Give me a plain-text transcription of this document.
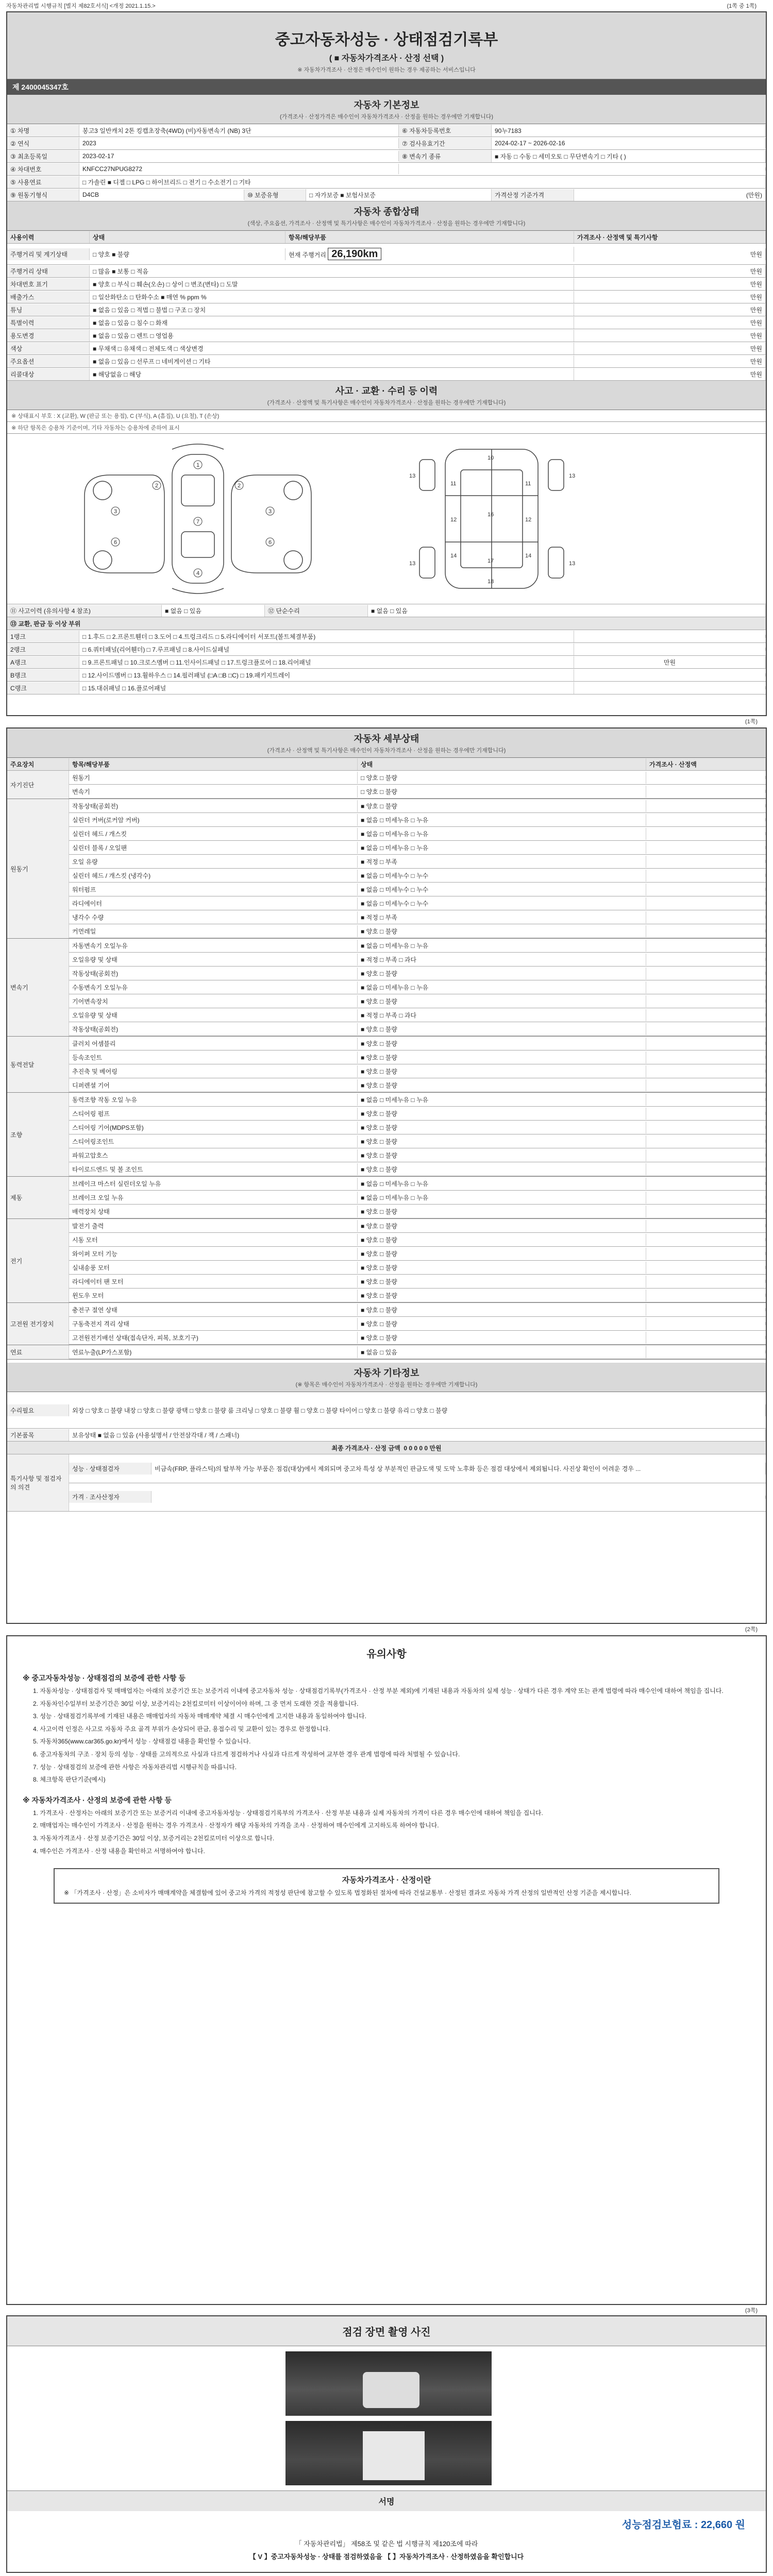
자동차관리법 시행규칙 [별지 제82호서식] <개정 2021.1.15.>	(1쪽 중 1쪽)
중고자동차성능 · 상태점검기록부
( ■ 자동차가격조사 · 산정 선택 )
※ 자동차가격조사 · 산정은 매수인이 원하는 경우 제공하는 서비스입니다
제 2400045347호
자동차 기본정보
(가격조사 · 산정가격은 매수인이 자동차가격조사 · 산정을 원하는 경우에만 기재합니다)
① 차명	봉고3 일반캐치 2톤 킹캡초장축(4WD) (비)자동변속기 (NB) 3단	⑥ 자동차등록번호	90누7183
② 연식	2023	⑦ 검사유효기간	2024-02-17 ~ 2026-02-16
③ 최초등록일	2023-02-17	⑧ 변속기 종류	■ 자동 □ 수동 □ 세미오토 □ 무단변속기 □ 기타 ( )
④ 차대번호	KNFCC27NPUG8272
⑤ 사용연료	□ 가솔린 ■ 디젤 □ LPG □ 하이브리드 □ 전기 □ 수소전기 □ 기타
⑨ 원동기형식	D4CB	⑩ 보증유형	□ 자가보증 ■ 보험사보증	가격산정 기준가격	(만원)
자동차 종합상태
(색상, 주요옵션, 가격조사 · 산정액 및 특기사항은 매수인이 자동차가격조사 · 산정을 원하는 경우에만 기재합니다)
사용이력	상태	항목/해당부품	가격조사 · 산정액 및 특기사항
주행거리 및 계기상태	□ 양호 ■ 불량	현재 주행거리 26,190km	만원
주행거리 상태	□ 많음 ■ 보통 □ 적음	만원
차대번호 표기	■ 양호 □ 부식 □ 훼손(오손) □ 상이 □ 변조(변타) □ 도말	만원
배출가스	□ 일산화탄소 □ 탄화수소 ■ 매연 % ppm %	만원
튜닝	■ 없음 □ 있음 □ 적법 □ 불법 □ 구조 □ 장치	만원
특별이력	■ 없음 □ 있음 □ 침수 □ 화재	만원
용도변경	■ 없음 □ 있음 □ 렌트 □ 영업용	만원
색상	■ 무채색 □ 유채색 □ 전체도색 □ 색상변경	만원
주요옵션	■ 없음 □ 있음 □ 선루프 □ 네비게이션 □ 기타	만원
리콜대상	■ 해당없음 □ 해당	만원
사고 · 교환 · 수리 등 이력
(가격조사 · 산정액 및 특기사항은 매수인이 자동차가격조사 · 산정을 원하는 경우에만 기재합니다)
※ 상태표시 부호 : X (교환), W (판금 또는 용접), C (부식), A (흠집), U (요철), T (손상)
※ 하단 항목은 승용차 기준이며, 기타 자동차는 승용차에 준하여 표시
1
3	3
7
6	6
4
2	2
10
11	11
16
17
18
12	12
13	13
14	14
13	13
⑪ 사고이력 (유의사항 4 참조)	■ 없음 □ 있음	⑫ 단순수리	■ 없음 □ 있음
⑬ 교환, 판금 등 이상 부위
1랭크	□ 1.후드 □ 2.프론트휀더 □ 3.도어 □ 4.트렁크리드 □ 5.라디에이터 서포트(볼트체결부품)
2랭크	□ 6.쿼터패널(리어휀더) □ 7.루프패널 □ 8.사이드실패널
A랭크	□ 9.프론트패널 □ 10.크로스멤버 □ 11.인사이드패널 □ 17.트렁크플로어 □ 18.리어패널	만원
B랭크	□ 12.사이드멤버 □ 13.휠하우스 □ 14.필러패널 (□A □B □C) □ 19.패키지트레이
C랭크	□ 15.대쉬패널 □ 16.플로어패널
(1쪽)
자동차 세부상태
(가격조사 · 산정액 및 특기사항은 매수인이 자동차가격조사 · 산정을 원하는 경우에만 기재합니다)
주요장치	항목/해당부품	상태	가격조사 · 산정액
자기진단
원동기	□ 양호 □ 불량
변속기	□ 양호 □ 불량
원동기
작동상태(공회전)	■ 양호 □ 불량
실린더 커버(로커암 커버)	■ 없음 □ 미세누유 □ 누유
실린더 헤드 / 개스킷	■ 없음 □ 미세누유 □ 누유
실린더 블록 / 오일팬	■ 없음 □ 미세누유 □ 누유
오일 유량	■ 적정 □ 부족
실린더 헤드 / 개스킷 (냉각수)	■ 없음 □ 미세누수 □ 누수
워터펌프	■ 없음 □ 미세누수 □ 누수
라디에이터	■ 없음 □ 미세누수 □ 누수
냉각수 수량	■ 적정 □ 부족
커먼레일	■ 양호 □ 불량
변속기
자동변속기 오일누유	■ 없음 □ 미세누유 □ 누유
오일유량 및 상태	■ 적정 □ 부족 □ 과다
작동상태(공회전)	■ 양호 □ 불량
수동변속기 오일누유	■ 없음 □ 미세누유 □ 누유
기어변속장치	■ 양호 □ 불량
오일유량 및 상태	■ 적정 □ 부족 □ 과다
작동상태(공회전)	■ 양호 □ 불량
동력전달
클러치 어셈블리	■ 양호 □ 불량
등속조인트	■ 양호 □ 불량
추진축 및 베어링	■ 양호 □ 불량
디퍼렌셜 기어	■ 양호 □ 불량
조향
동력조향 작동 오일 누유	■ 없음 □ 미세누유 □ 누유
스티어링 펌프	■ 양호 □ 불량
스티어링 기어(MDPS포함)	■ 양호 □ 불량
스티어링조인트	■ 양호 □ 불량
파워고압호스	■ 양호 □ 불량
타이로드엔드 및 볼 조인트	■ 양호 □ 불량
제동
브레이크 마스터 실린더오일 누유	■ 없음 □ 미세누유 □ 누유
브레이크 오일 누유	■ 없음 □ 미세누유 □ 누유
배력장치 상태	■ 양호 □ 불량
전기
발전기 출력	■ 양호 □ 불량
시동 모터	■ 양호 □ 불량
와이퍼 모터 기능	■ 양호 □ 불량
실내송풍 모터	■ 양호 □ 불량
라디에이터 팬 모터	■ 양호 □ 불량
윈도우 모터	■ 양호 □ 불량
고전원 전기장치
충전구 절연 상태	■ 양호 □ 불량
구동축전지 격리 상태	■ 양호 □ 불량
고전원전기배선 상태(접속단자, 피복, 보호기구)	■ 양호 □ 불량
연료	연료누출(LP가스포함)	■ 없음 □ 있음
자동차 기타정보
(※ 항목은 매수인이 자동차가격조사 · 산정을 원하는 경우에만 기재합니다)
수리필요	외장 □ 양호 □ 불량 내장 □ 양호 □ 불량 광택 □ 양호 □ 불량 룸 크리닝 □ 양호 □ 불량 휠 □ 양호 □ 불량 타이어 □ 양호 □ 불량 유리 □ 양호 □ 불량
기본품목	보유상태 ■ 없음 □ 있음 (사용설명서 / 안전삼각대 / 잭 / 스패너)
최종 가격조사 · 산정 금액
0 0 0 0 0 만원
특기사항 및 점검자의 의견
성능 · 상태점검자	비금속(FRP, 플라스틱)의 탈부착 가능 부품은 점검(대상)에서 제외되며 중고차 특성 상 부분적인 판금도색 및 도막 노후화 등은 점검 대상에서 제외됩니다. 사진상 확인이 어려운 경우 ...
가격 · 조사산정자
(2쪽)
유의사항
※ 중고자동차성능 · 상태점검의 보증에 관한 사항 등
1. 자동차성능 · 상태점검자 및 매매업자는 아래의 보증기간 또는 보증거리 이내에 중고자동차 성능 · 상태점검기록부(가격조사 · 산정 부분 제외)에 기재된 내용과 자동차의 실제 성능 · 상태가 다른 경우 계약 또는 관계 법령에 따라 매수인에 대하여 책임을 집니다.
2. 자동차인수일부터 보증기간은 30일 이상, 보증거리는 2천킬로미터 이상이어야 하며, 그 중 먼저 도래한 것을 적용합니다.
3. 성능 · 상태점검기록부에 기재된 내용은 매매업자의 자동차 매매계약 체결 시 매수인에게 고지한 내용과 동일하여야 합니다.
4. 사고이력 인정은 사고로 자동차 주요 골격 부위가 손상되어 판금, 용접수리 및 교환이 있는 경우로 한정합니다.
5. 자동차365(www.car365.go.kr)에서 성능 · 상태점검 내용을 확인할 수 있습니다.
6. 중고자동차의 구조 · 장치 등의 성능 · 상태를 고의적으로 사실과 다르게 점검하거나 사실과 다르게 작성하여 교부한 경우 관계 법령에 따라 처벌될 수 있습니다.
7. 성능 · 상태점검의 보증에 관한 사항은 자동차관리법 시행규칙을 따릅니다.
8. 체크항목 판단기준(예시)
※ 자동차가격조사 · 산정의 보증에 관한 사항 등
1. 가격조사 · 산정자는 아래의 보증기간 또는 보증거리 이내에 중고자동차성능 · 상태점검기록부의 가격조사 · 산정 부분 내용과 실제 자동차의 가격이 다른 경우 매수인에 대하여 책임을 집니다.
2. 매매업자는 매수인이 가격조사 · 산정을 원하는 경우 가격조사 · 산정자가 해당 자동차의 가격을 조사 · 산정하여 매수인에게 고지하도록 하여야 합니다.
3. 자동차가격조사 · 산정 보증기간은 30일 이상, 보증거리는 2천킬로미터 이상으로 합니다.
4. 매수인은 가격조사 · 산정 내용을 확인하고 서명하여야 합니다.
자동차가격조사 · 산정이란
※ 「가격조사 · 산정」은 소비자가 매매계약을 체결함에 있어 중고차 가격의 적정성 판단에 참고할 수 있도록 법정화된 절차에 따라 건설교통부 · 산정된 결과로 자동차 가격 산정의 일반적인 산정 기준을 제시합니다.
(3쪽)
점검 장면 촬영 사진
서명
성능점검보험료 : 22,660 원
「 자동차관리법」 제58조 및 같은 법 시행규칙 제120조에 따라
【 V 】중고자동차성능 · 상태를 점검하였음을 【 】자동차가격조사 · 산정하였음을 확인합니다
